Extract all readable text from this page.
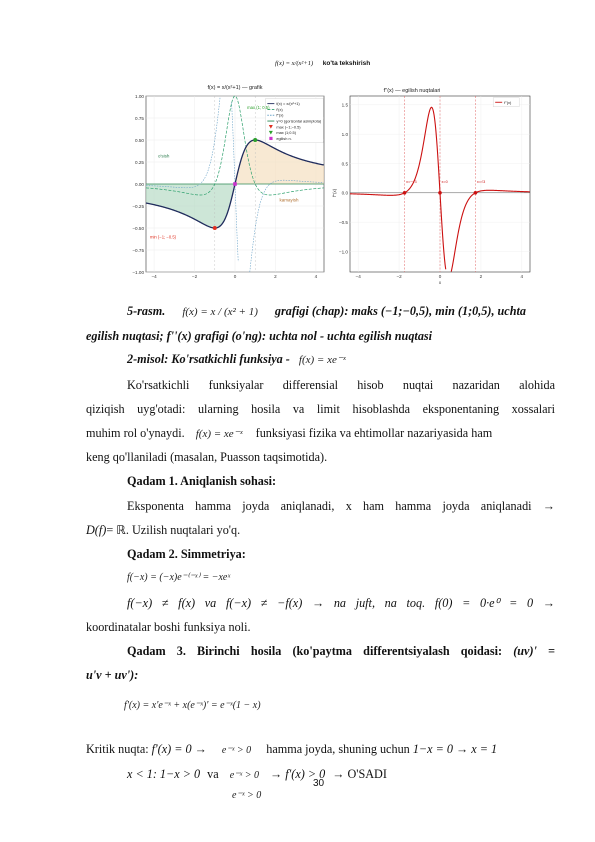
f(x) = x/(x²+1) ko'ta tekshirish
f(x) = x/(x²+1) — grafik
1.00
0.75
0.50
0.25
0.00
−0.25
−0.50
−0.75
−1.00
−4	−2	0	2	4
f(x) = x/(x²+1)
f'(x)
f''(x)
y=0 (gorizontal asimptota)
max (−1;−0.5)
max (1;0.5)
egilish n.
o'sish
kamayish
min (−1; −0.5)
max (1; 0.5)
f''(x) — egilish nuqtalari
1.5
1.0
0.5
0.0
−0.5
−1.0
−4	−2	0	2	4
f''(x)
x
f''(x)
x=−√3	x=0	x=√3
5-rasm. f(x) = x / (x² + 1) grafigi (chap): maks (−1;−0,5), min (1;0,5), uchta
egilish nuqtasi; f''(x) grafigi (o'ng): uchta nol - uchta egilish nuqtasi
2-misol: Ko'rsatkichli funksiya - f(x) = xe⁻ˣ
Ko'rsatkichli funksiyalar differensial hisob nuqtai nazaridan alohida
qiziqish uyg'otadi: ularning hosila va limit hisoblashda eksponentaning xossalari
muhim rol o'ynaydi. f(x) = xe⁻ˣ funksiyasi fizika va ehtimollar nazariyasida ham
keng qo'llaniladi (masalan, Puasson taqsimotida).
Qadam 1. Aniqlanish sohasi:
Eksponenta hamma joyda aniqlanadi, x ham hamma joyda aniqlanadi →
D(f)= ℝ. Uzilish nuqtalari yo'q.
Qadam 2. Simmetriya:
f(−x) = (−x)e⁻⁽⁻ˣ⁾ = −xeˣ
f(−x) ≠ f(x) va f(−x) ≠ −f(x) → na juft, na toq. f(0) = 0·e⁰ = 0 →
koordinatalar boshi funksiya noli.
Qadam 3. Birinchi hosila (ko'paytma differentsiyalash qoidasi: (uv)' =
u'v + uv'):
f'(x) = x'e⁻ˣ + x(e⁻ˣ)' = e⁻ˣ(1 − x)
Kritik nuqta: f'(x) = 0 → e⁻ˣ > 0 hamma joyda, shuning uchun 1−x = 0 → x = 1
x < 1: 1−x > 0 va e⁻ˣ > 0 → f'(x) > 0 → O'SADI
e⁻ˣ > 0
30
